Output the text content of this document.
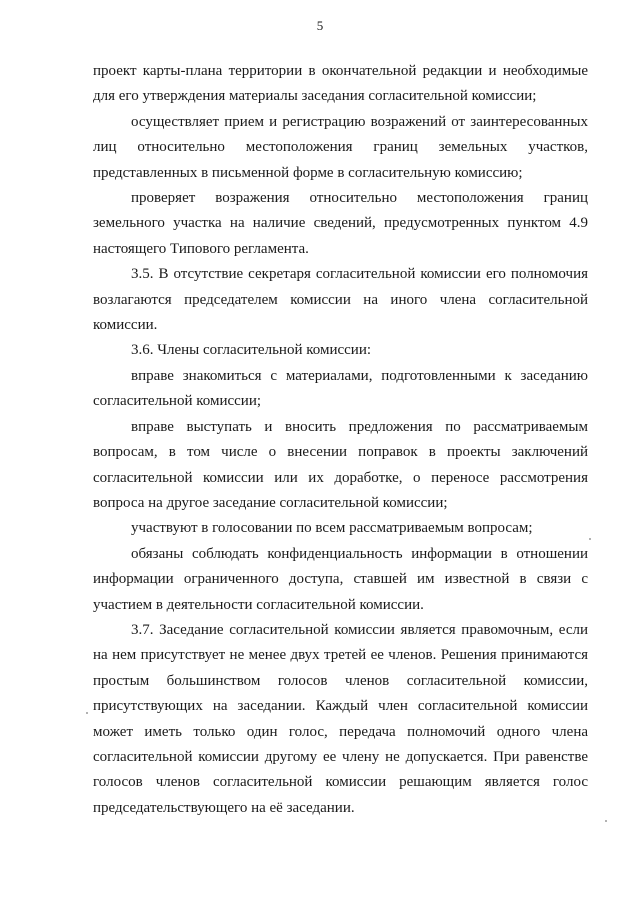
5

проект карты-плана территории в окончательной редакции и необходимые для его утверждения материалы заседания согласительной комиссии;

осуществляет прием и регистрацию возражений от заинтересованных лиц относительно местоположения границ земельных участков, представленных в письменной форме в согласительную комиссию;

проверяет возражения относительно местоположения границ земельного участка на наличие сведений, предусмотренных пунктом 4.9 настоящего Типового регламента.

3.5. В отсутствие секретаря согласительной комиссии его полномочия возлагаются председателем комиссии на иного члена согласительной комиссии.

3.6. Члены согласительной комиссии:

вправе знакомиться с материалами, подготовленными к заседанию согласительной комиссии;

вправе выступать и вносить предложения по рассматриваемым вопросам, в том числе о внесении поправок в проекты заключений согласительной комиссии или их доработке, о переносе рассмотрения вопроса на другое заседание согласительной комиссии;

участвуют в голосовании по всем рассматриваемым вопросам;

обязаны соблюдать конфиденциальность информации в отношении информации ограниченного доступа, ставшей им известной в связи с участием в деятельности согласительной комиссии.

3.7. Заседание согласительной комиссии является правомочным, если на нем присутствует не менее двух третей ее членов. Решения принимаются простым большинством голосов членов согласительной комиссии, присутствующих на заседании. Каждый член согласительной комиссии может иметь только один голос, передача полномочий одного члена согласительной комиссии другому ее члену не допускается. При равенстве голосов членов согласительной комиссии решающим является голос председательствующего на её заседании.
